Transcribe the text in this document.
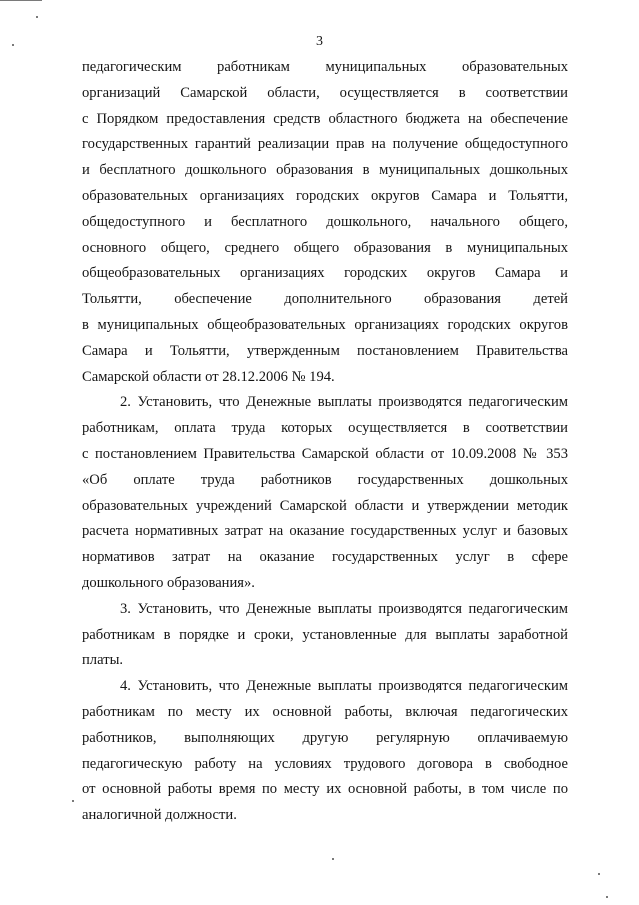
3
педагогическим работникам муниципальных образовательных
организаций Самарской области, осуществляется в соответствии
с Порядком предоставления средств областного бюджета на обеспечение
государственных гарантий реализации прав на получение общедоступного
и бесплатного дошкольного образования в муниципальных дошкольных
образовательных организациях городских округов Самара и Тольятти,
общедоступного и бесплатного дошкольного, начального общего,
основного общего, среднего общего образования в муниципальных
общеобразовательных организациях городских округов Самара и
Тольятти, обеспечение дополнительного образования детей
в муниципальных общеобразовательных организациях городских округов
Самара и Тольятти, утвержденным постановлением Правительства
Самарской области от 28.12.2006 № 194.
2. Установить, что Денежные выплаты производятся педагогическим
работникам, оплата труда которых осуществляется в соответствии
с постановлением Правительства Самарской области от 10.09.2008 № 353
«Об оплате труда работников государственных дошкольных
образовательных учреждений Самарской области и утверждении методик
расчета нормативных затрат на оказание государственных услуг и базовых
нормативов затрат на оказание государственных услуг в сфере
дошкольного образования».
3. Установить, что Денежные выплаты производятся педагогическим
работникам в порядке и сроки, установленные для выплаты заработной
платы.
4. Установить, что Денежные выплаты производятся педагогическим
работникам по месту их основной работы, включая педагогических
работников, выполняющих другую регулярную оплачиваемую
педагогическую работу на условиях трудового договора в свободное
от основной работы время по месту их основной работы, в том числе по
аналогичной должности.
